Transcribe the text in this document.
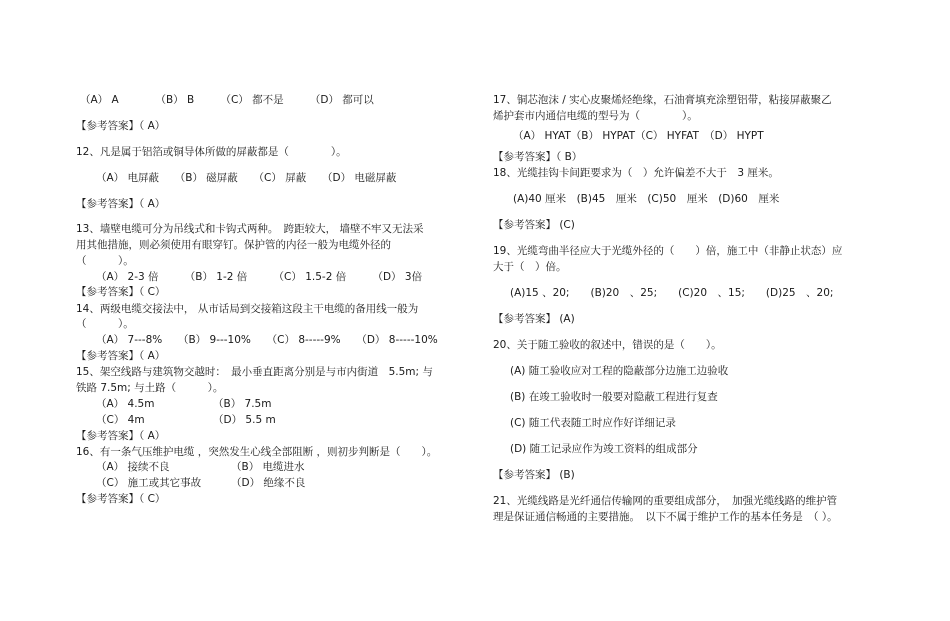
（A） A　　　　（B） B　　　（C） 都不是　　　（D） 都可以
【参考答案】（ A）
12、凡是属于铝箔或铜导体所做的屏蔽都是（　　　　）。
（A） 电屏蔽　　（B） 磁屏蔽　　（C） 屏蔽　　（D） 电磁屏蔽
【参考答案】（ A）
13、墙壁电缆可分为吊线式和卡钩式两种。　跨距较大， 墙壁不牢又无法采
用其他措施，则必须使用有眼穿钉。保护管的内径一般为电缆外径的
（　　　）。
（A） 2-3 倍　　　（B） 1-2 倍　　　（C） 1.5-2 倍　　　（D） 3倍
【参考答案】（ C）
14、两级电缆交接法中， 从市话局到交接箱这段主干电缆的备用线一般为
（　　　）。
（A） 7---8%　　（B） 9---10%　　（C） 8-----9%　　（D） 8-----10%
【参考答案】（ A）
15、架空线路与建筑物交越时：　最小垂直距离分别是与市内街道　5.5m; 与
铁路 7.5m; 与土路（　　　）。
（A） 4.5m	（B） 7.5m
（C） 4m	（D） 5.5 m
【参考答案】（ A）
16、有一条气压维护电缆 ，突然发生心线全部阻断 ，则初步判断是（　　）。
（A） 接续不良	（B） 电缆进水
（C） 施工或其它事故	（D） 绝缘不良
【参考答案】（ C）
17、铜芯泡沫 / 实心皮聚烯烃绝缘，石油膏填充涂塑铝带，粘接屏蔽聚乙
烯护套市内通信电缆的型号为（　　　　）。
（A） HYAT（B） HYPAT（C） HYFAT　（D） HYPT
【参考答案】（ B）
18、光缆挂钩卡间距要求为（　）允许偏差不大于　3 厘米。
(A)40 厘米　(B)45　厘米　(C)50　厘米　(D)60　厘米
【参考答案】 (C)
19、光缆弯曲半径应大于光缆外径的（　　）倍，施工中（非静止状态）应
大于（　）倍。
(A)15 、20;　　(B)20　、25;　　(C)20　、15;　　(D)25　、20;
【参考答案】 (A)
20、关于随工验收的叙述中，错误的是（　　）。
(A) 随工验收应对工程的隐蔽部分边施工边验收
(B) 在竣工验收时一般要对隐蔽工程进行复查
(C) 随工代表随工时应作好详细记录
(D) 随工记录应作为竣工资料的组成部分
【参考答案】 (B)
21、光缆线路是光纤通信传输网的重要组成部分，　加强光缆线路的维护管
理是保证通信畅通的主要措施。　以下不属于维护工作的基本任务是　（ ）。
